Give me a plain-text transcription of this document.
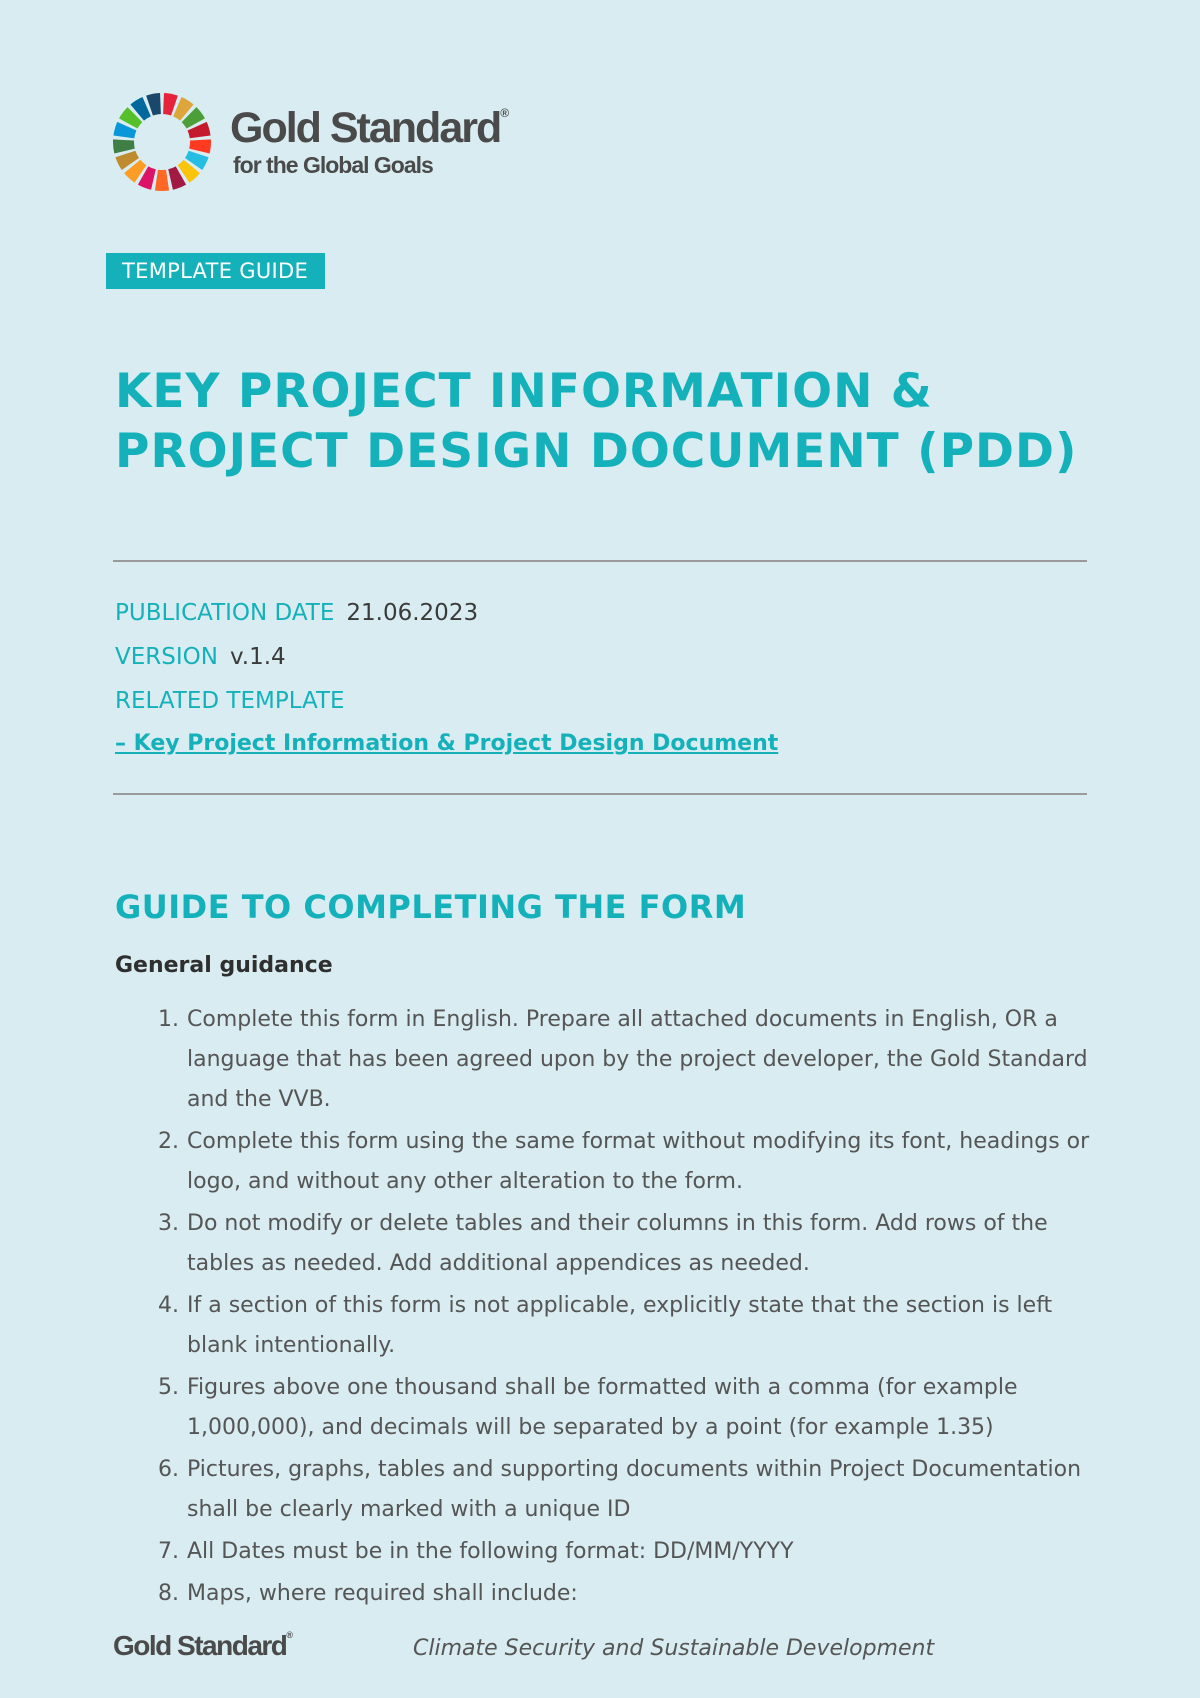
Gold Standard®
for the Global Goals
TEMPLATE GUIDE
KEY PROJECT INFORMATION & PROJECT DESIGN DOCUMENT (PDD)
PUBLICATION DATE 21.06.2023
VERSION v.1.4
RELATED TEMPLATE
– Key Project Information & Project Design Document
GUIDE TO COMPLETING THE FORM
General guidance
1. Complete this form in English. Prepare all attached documents in English, OR a language that has been agreed upon by the project developer, the Gold Standard and the VVB.
2. Complete this form using the same format without modifying its font, headings or logo, and without any other alteration to the form.
3. Do not modify or delete tables and their columns in this form. Add rows of the tables as needed. Add additional appendices as needed.
4. If a section of this form is not applicable, explicitly state that the section is left blank intentionally.
5. Figures above one thousand shall be formatted with a comma (for example 1,000,000), and decimals will be separated by a point (for example 1.35)
6. Pictures, graphs, tables and supporting documents within Project Documentation shall be clearly marked with a unique ID
7. All Dates must be in the following format: DD/MM/YYYY
8. Maps, where required shall include:
Gold Standard®
Climate Security and Sustainable Development
